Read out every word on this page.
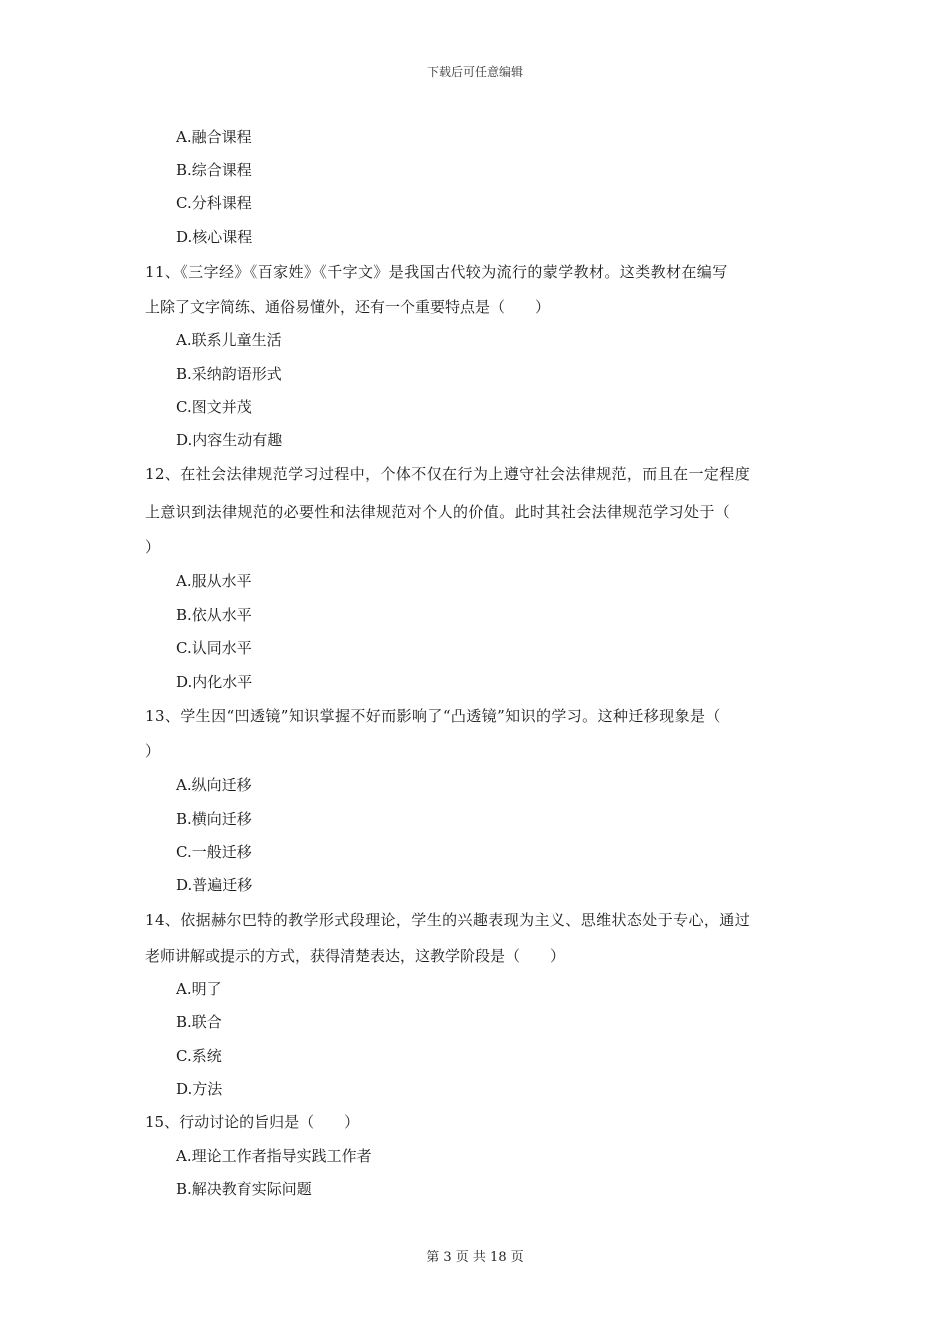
下载后可任意编辑
A.融合课程
B.综合课程
C.分科课程
D.核心课程
11、《三字经》《百家姓》《千字文》是我国古代较为流行的蒙学教材。这类教材在编写
上除了文字简练、通俗易懂外，还有一个重要特点是（　　）
A.联系儿童生活
B.采纳韵语形式
C.图文并茂
D.内容生动有趣
12、在社会法律规范学习过程中，个体不仅在行为上遵守社会法律规范，而且在一定程度
上意识到法律规范的必要性和法律规范对个人的价值。此时其社会法律规范学习处于（
）
A.服从水平
B.依从水平
C.认同水平
D.内化水平
13、学生因“凹透镜”知识掌握不好而影响了“凸透镜”知识的学习。这种迁移现象是（
）
A.纵向迁移
B.横向迁移
C.一般迁移
D.普遍迁移
14、依据赫尔巴特的教学形式段理论，学生的兴趣表现为主义、思维状态处于专心，通过
老师讲解或提示的方式，获得清楚表达，这教学阶段是（　　）
A.明了
B.联合
C.系统
D.方法
15、行动讨论的旨归是（　　）
A.理论工作者指导实践工作者
B.解决教育实际问题
第 3 页 共 18 页
